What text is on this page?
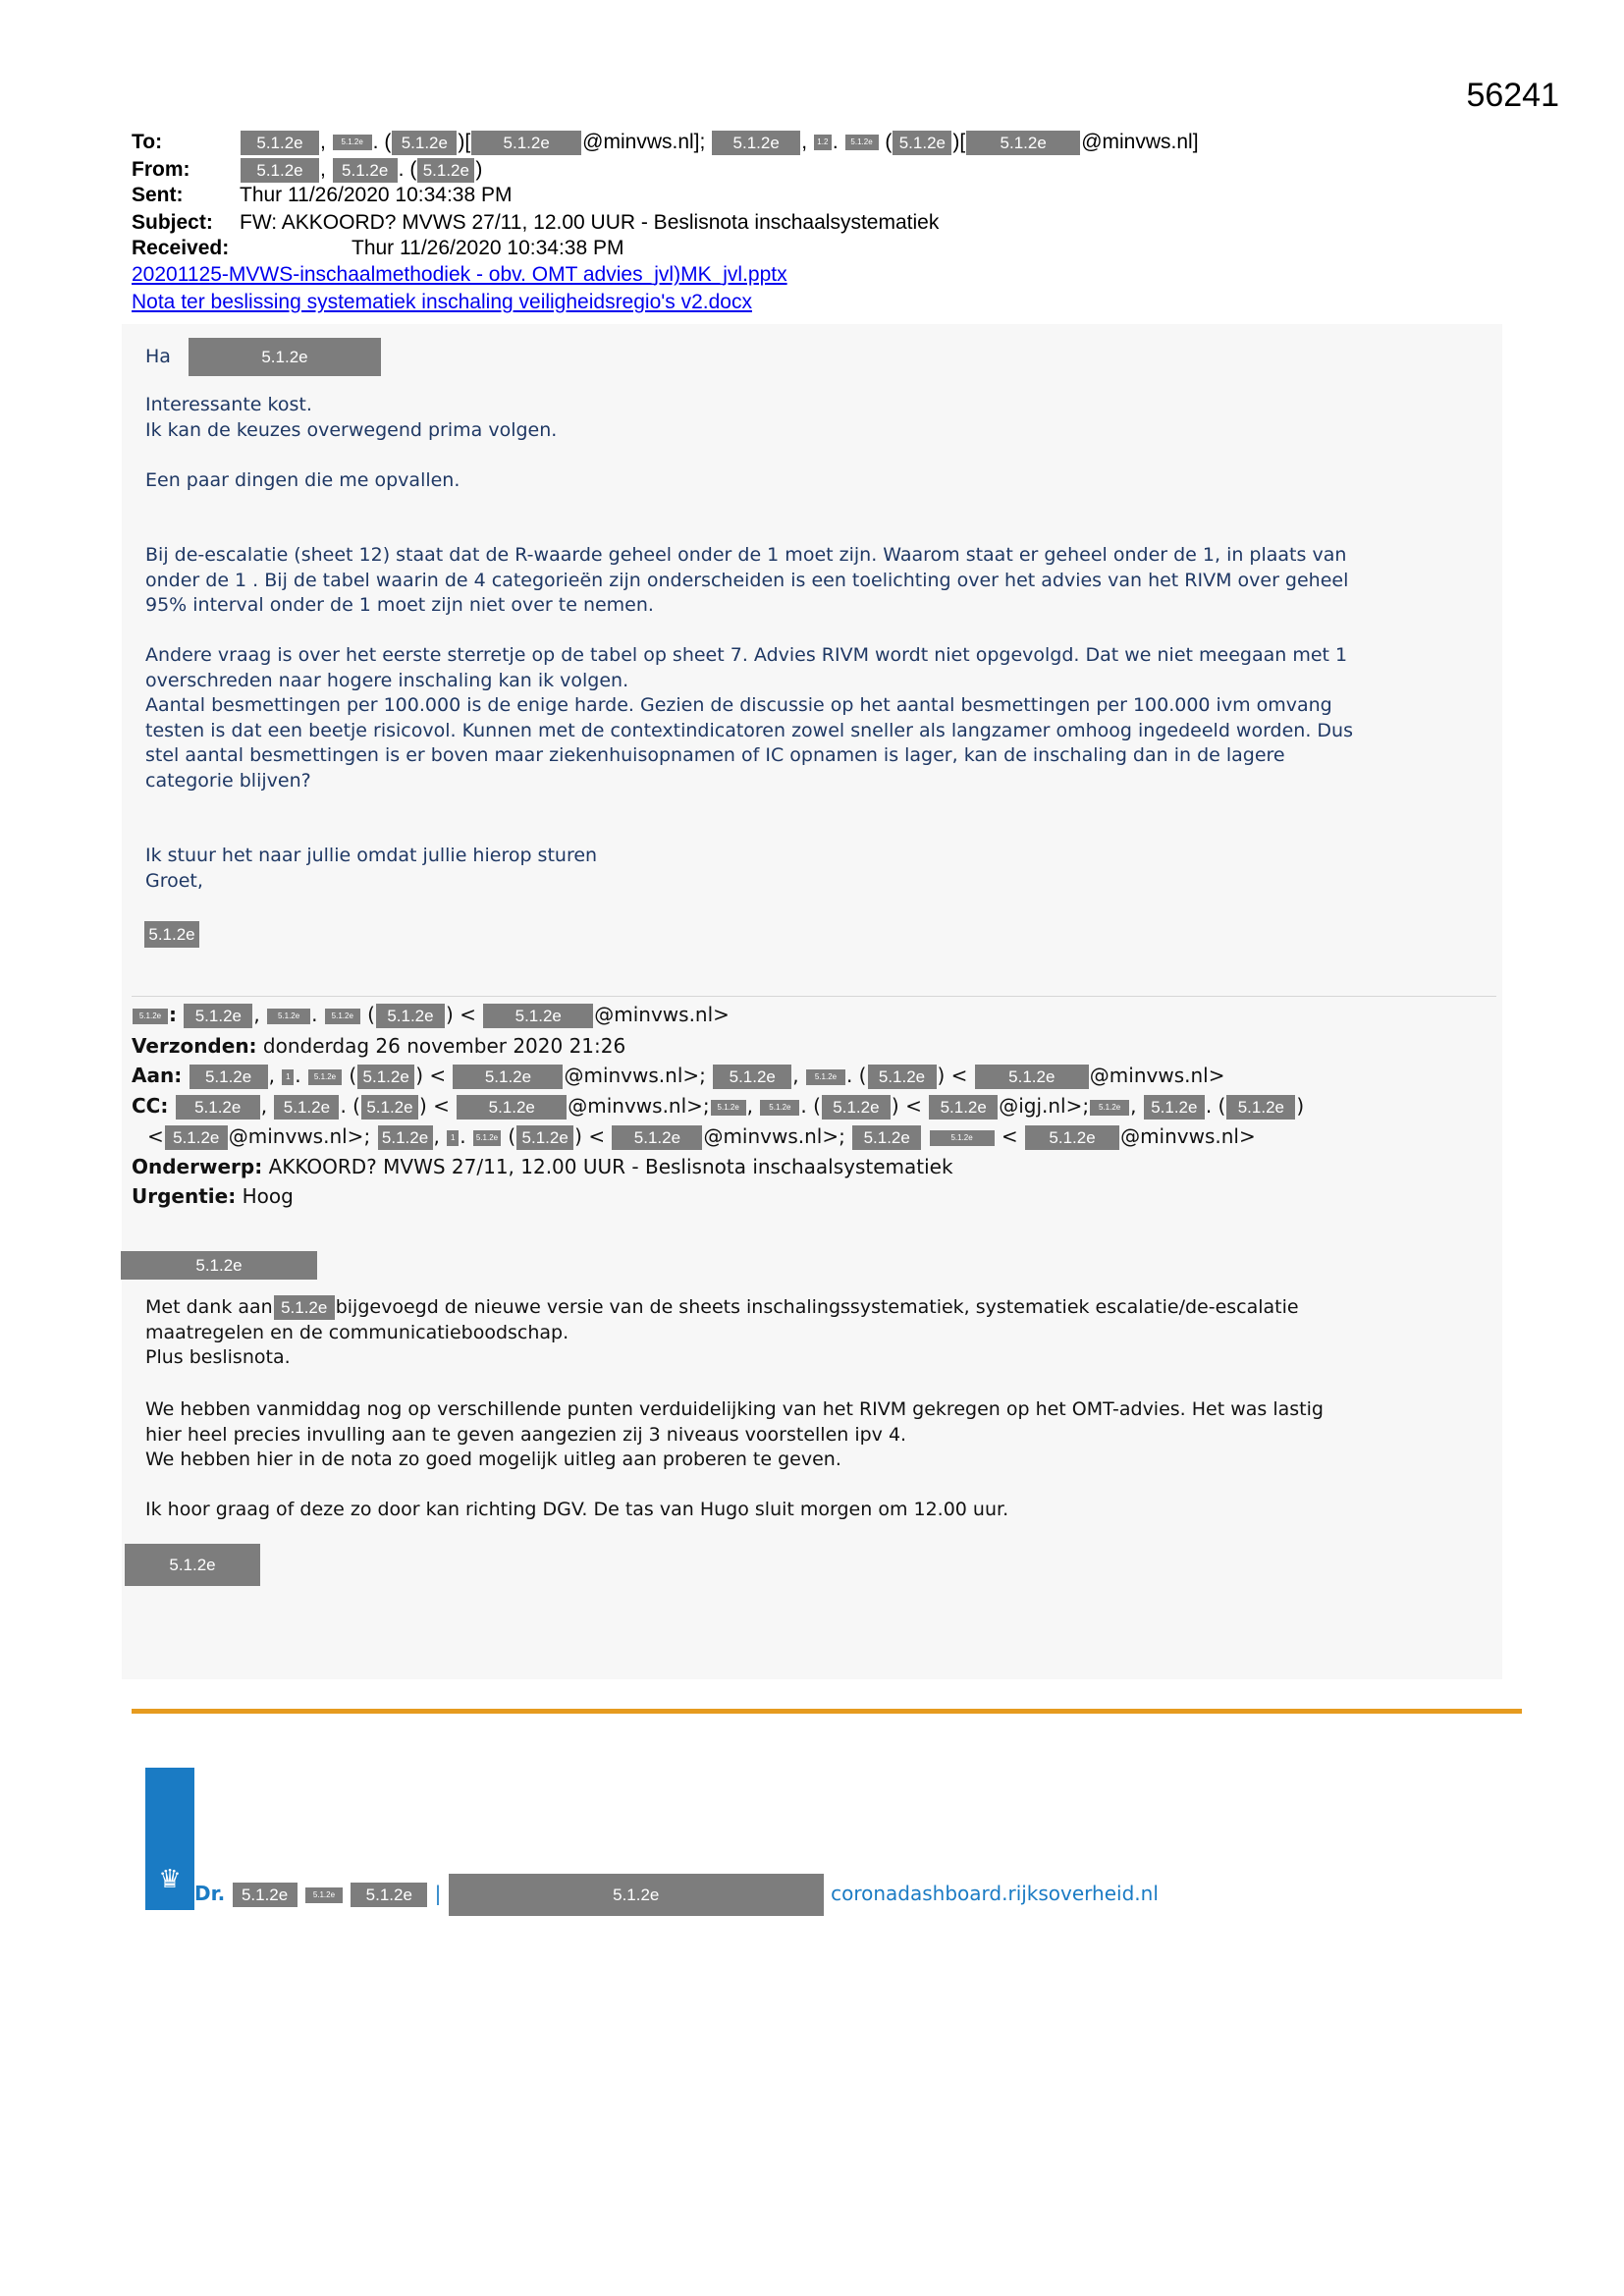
56241
To:	5.1.2e , 5.1.2e . ( 5.1.2e )[ 5.1.2e @minvws.nl]; 5.1.2e , 1.2 . 5.1.2e ( 5.1.2e )[ 5.1.2e @minvws.nl]
From:	5.1.2e , 5.1.2e . ( 5.1.2e )
Sent:	Thur 11/26/2020 10:34:38 PM
Subject: FW: AKKOORD? MVWS 27/11, 12.00 UUR - Beslisnota inschaalsystematiek
Received:	Thur 11/26/2020 10:34:38 PM
20201125-MVWS-inschaalmethodiek - obv. OMT advies_jvl)MK_jvl.pptx
Nota ter beslissing systematiek inschaling veiligheidsregio's v2.docx
Ha	5.1.2e
Interessante kost.
Ik kan de keuzes overwegend prima volgen.
Een paar dingen die me opvallen.
Bij de-escalatie (sheet 12) staat dat de R-waarde geheel onder de 1 moet zijn. Waarom staat er geheel onder de 1, in plaats van
onder de 1 . Bij de tabel waarin de 4 categorieën zijn onderscheiden is een toelichting over het advies van het RIVM over geheel
95% interval onder de 1 moet zijn niet over te nemen.
Andere vraag is over het eerste sterretje op de tabel op sheet 7. Advies RIVM wordt niet opgevolgd. Dat we niet meegaan met 1
overschreden naar hogere inschaling kan ik volgen.
Aantal besmettingen per 100.000 is de enige harde. Gezien de discussie op het aantal besmettingen per 100.000 ivm omvang
testen is dat een beetje risicovol. Kunnen met de contextindicatoren zowel sneller als langzamer omhoog ingedeeld worden. Dus
stel aantal besmettingen is er boven maar ziekenhuisopnamen of IC opnamen is lager, kan de inschaling dan in de lagere
categorie blijven?
Ik stuur het naar jullie omdat jullie hierop sturen
Groet,
5.1.2e
5.1.2e : 5.1.2e , 5.1.2e . 5.1.2e ( 5.1.2e ) < 5.1.2e @minvws.nl>
Verzonden: donderdag 26 november 2020 21:26
Aan: 5.1.2e , 1 . 5.1.2e ( 5.1.2e ) < 5.1.2e @minvws.nl>; 5.1.2e , 5.1.2e . ( 5.1.2e ) < 5.1.2e @minvws.nl>
CC: 5.1.2e , 5.1.2e . ( 5.1.2e ) < 5.1.2e @minvws.nl>; 5.1.2e , 5.1.2e . ( 5.1.2e ) < 5.1.2e @igj.nl>; 5.1.2e , 5.1.2e . ( 5.1.2e )
< 5.1.2e @minvws.nl>; 5.1.2e , 1 . 5.1.2e ( 5.1.2e ) < 5.1.2e @minvws.nl>; 5.1.2e	5.1.2e < 5.1.2e @minvws.nl>
Onderwerp: AKKOORD? MVWS 27/11, 12.00 UUR - Beslisnota inschaalsystematiek
Urgentie: Hoog
5.1.2e
Met dank aan 5.1.2e bijgevoegd de nieuwe versie van de sheets inschalingssystematiek, systematiek escalatie/de-escalatie
maatregelen en de communicatieboodschap.
Plus beslisnota.
We hebben vanmiddag nog op verschillende punten verduidelijking van het RIVM gekregen op het OMT-advies. Het was lastig
hier heel precies invulling aan te geven aangezien zij 3 niveaus voorstellen ipv 4.
We hebben hier in de nota zo goed mogelijk uitleg aan proberen te geven.
Ik hoor graag of deze zo door kan richting DGV. De tas van Hugo sluit morgen om 12.00 uur.
5.1.2e
♛ Dr. 5.1.2e	5.1.2e 5.1.2e |	5.1.2e	coronadashboard.rijksoverheid.nl
